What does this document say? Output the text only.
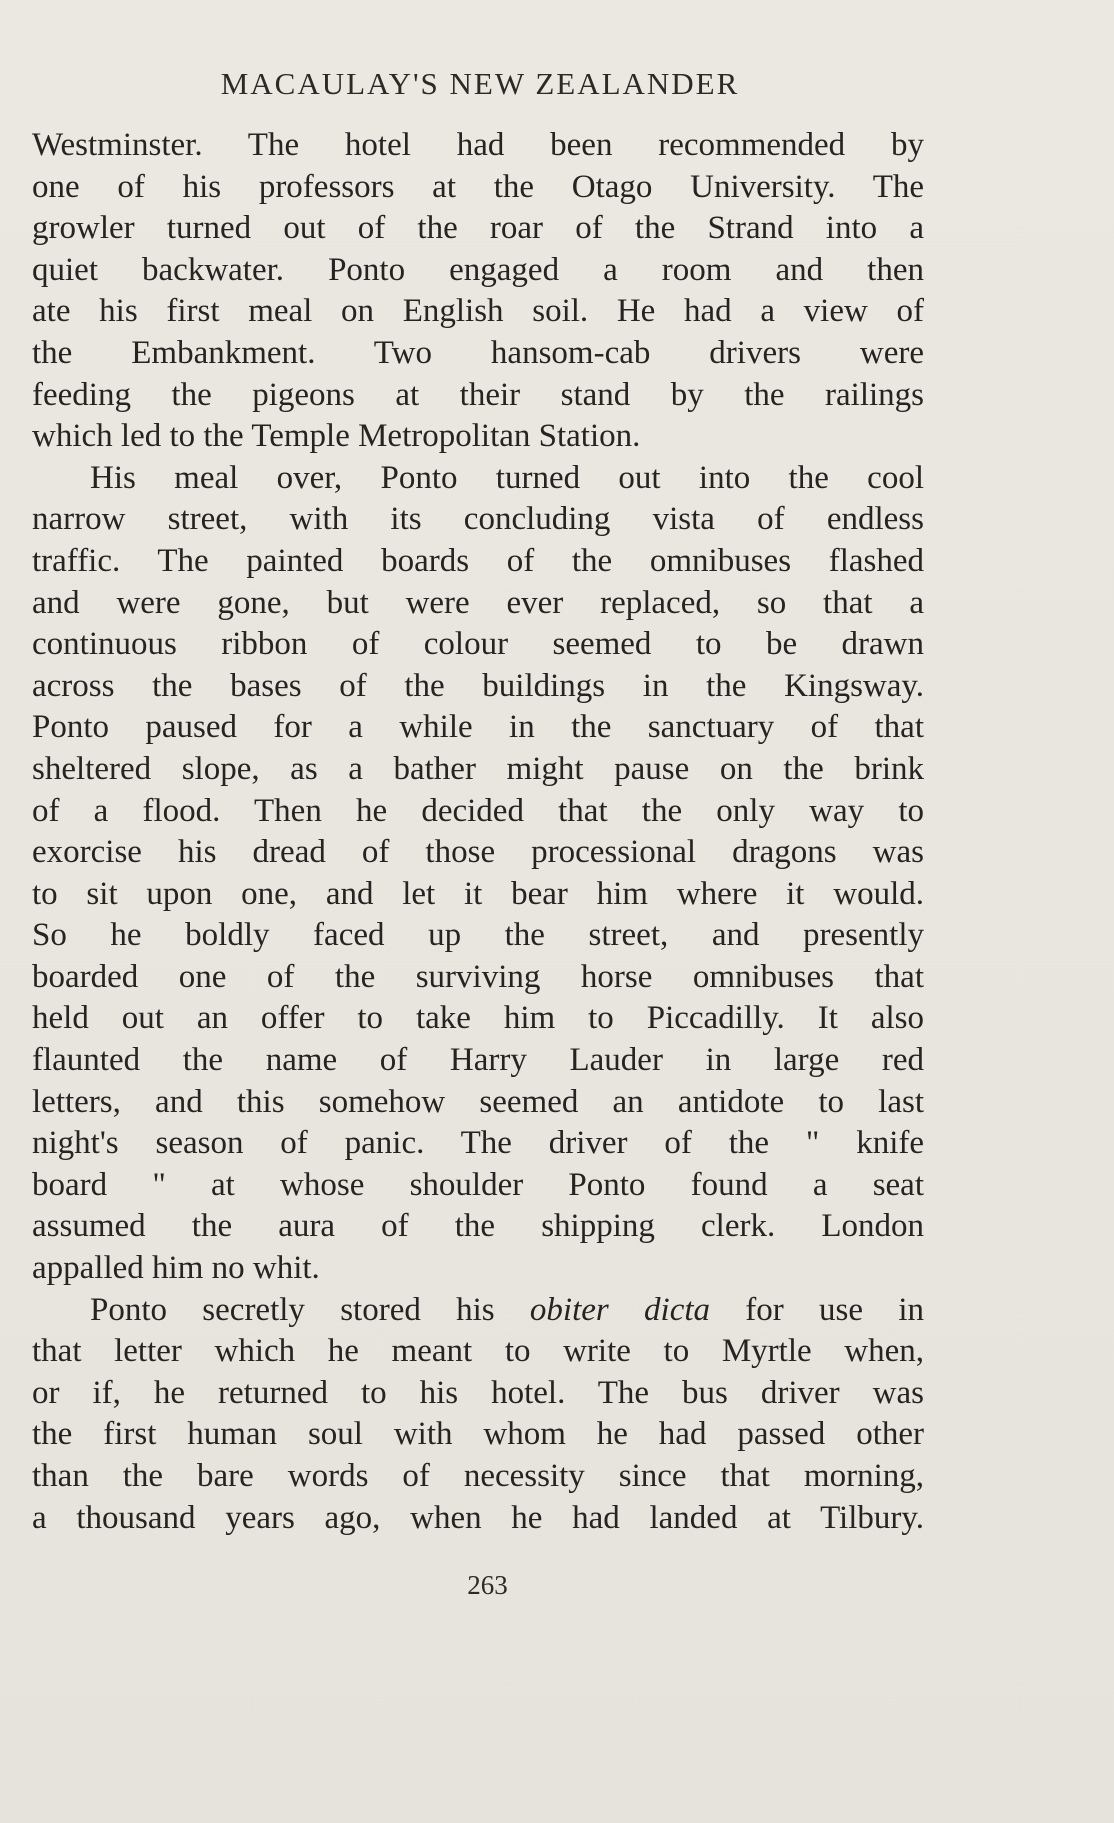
MACAULAY'S NEW ZEALANDER
Westminster. The hotel had been recommended by
one of his professors at the Otago University. The
growler turned out of the roar of the Strand into a
quiet backwater. Ponto engaged a room and then
ate his first meal on English soil. He had a view of
the Embankment. Two hansom-cab drivers were
feeding the pigeons at their stand by the railings
which led to the Temple Metropolitan Station.
His meal over, Ponto turned out into the cool
narrow street, with its concluding vista of endless
traffic. The painted boards of the omnibuses flashed
and were gone, but were ever replaced, so that a
continuous ribbon of colour seemed to be drawn
across the bases of the buildings in the Kingsway.
Ponto paused for a while in the sanctuary of that
sheltered slope, as a bather might pause on the brink
of a flood. Then he decided that the only way to
exorcise his dread of those processional dragons was
to sit upon one, and let it bear him where it would.
So he boldly faced up the street, and presently
boarded one of the surviving horse omnibuses that
held out an offer to take him to Piccadilly. It also
flaunted the name of Harry Lauder in large red
letters, and this somehow seemed an antidote to last
night's season of panic. The driver of the " knife
board " at whose shoulder Ponto found a seat
assumed the aura of the shipping clerk. London
appalled him no whit.
Ponto secretly stored his obiter dicta for use in
that letter which he meant to write to Myrtle when,
or if, he returned to his hotel. The bus driver was
the first human soul with whom he had passed other
than the bare words of necessity since that morning,
a thousand years ago, when he had landed at Tilbury.
263
